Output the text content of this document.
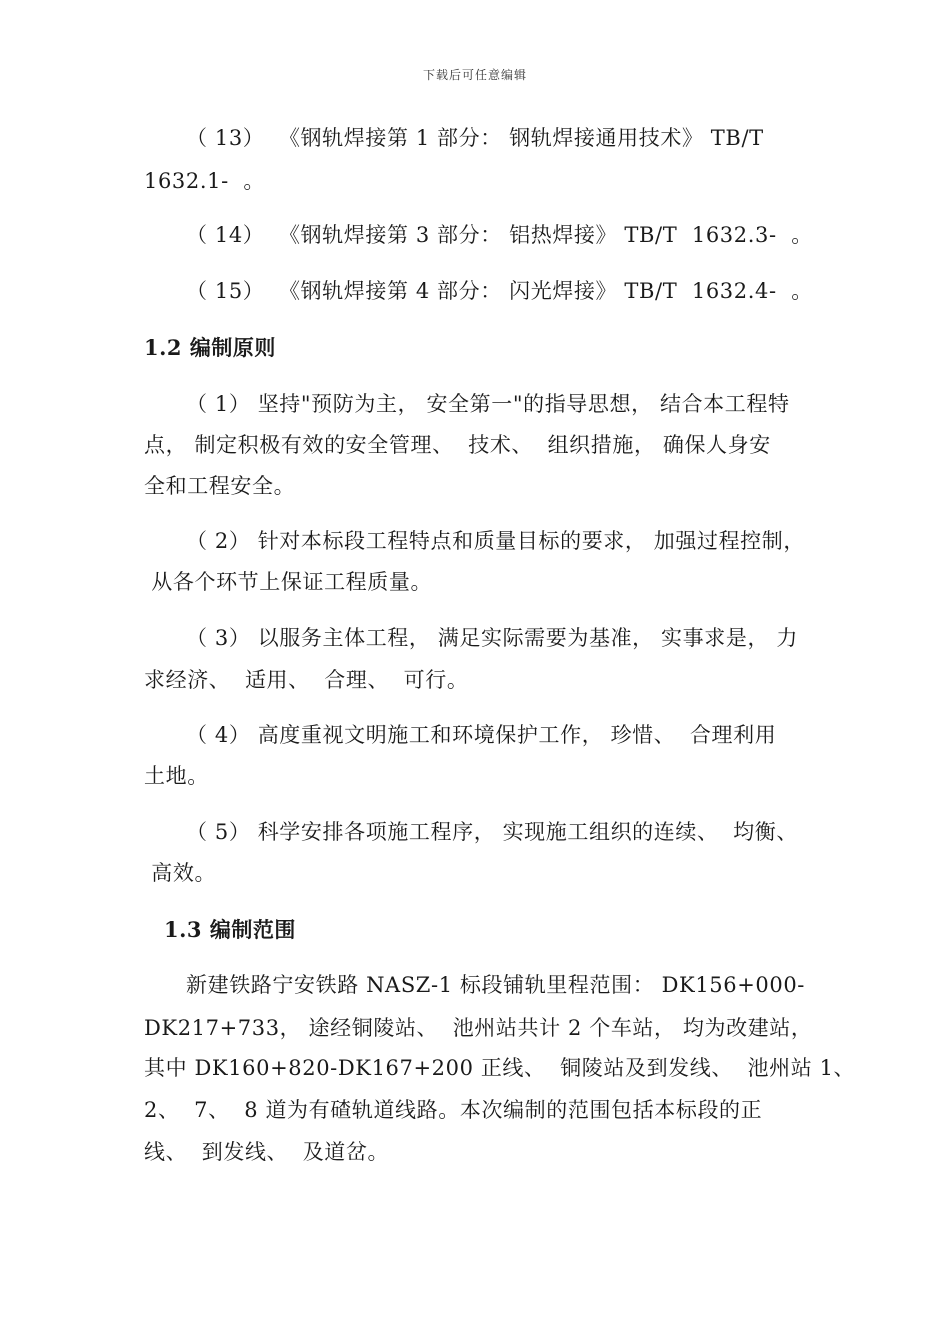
下载后可任意编辑
（ 13）  《钢轨焊接第 1 部分： 钢轨焊接通用技术》 TB/T
1632.1-  。
（ 14）  《钢轨焊接第 3 部分： 铝热焊接》 TB/T  1632.3-  。
（ 15）  《钢轨焊接第 4 部分： 闪光焊接》 TB/T  1632.4-  。
1.2 编制原则
（ 1） 坚持"预防为主， 安全第一"的指导思想， 结合本工程特
点， 制定积极有效的安全管理、  技术、  组织措施， 确保人身安
全和工程安全。
（ 2） 针对本标段工程特点和质量目标的要求， 加强过程控制，
从各个环节上保证工程质量。
（ 3） 以服务主体工程， 满足实际需要为基准， 实事求是， 力
求经济、  适用、  合理、  可行。
（ 4） 高度重视文明施工和环境保护工作， 珍惜、  合理利用
土地。
（ 5） 科学安排各项施工程序， 实现施工组织的连续、  均衡、
高效。
1.3 编制范围
新建铁路宁安铁路 NASZ-1 标段铺轨里程范围： DK156+000-
DK217+733， 途经铜陵站、  池州站共计 2 个车站， 均为改建站，
其中 DK160+820-DK167+200 正线、  铜陵站及到发线、  池州站 1、
2、  7、  8 道为有碴轨道线路。本次编制的范围包括本标段的正
线、  到发线、  及道岔。
